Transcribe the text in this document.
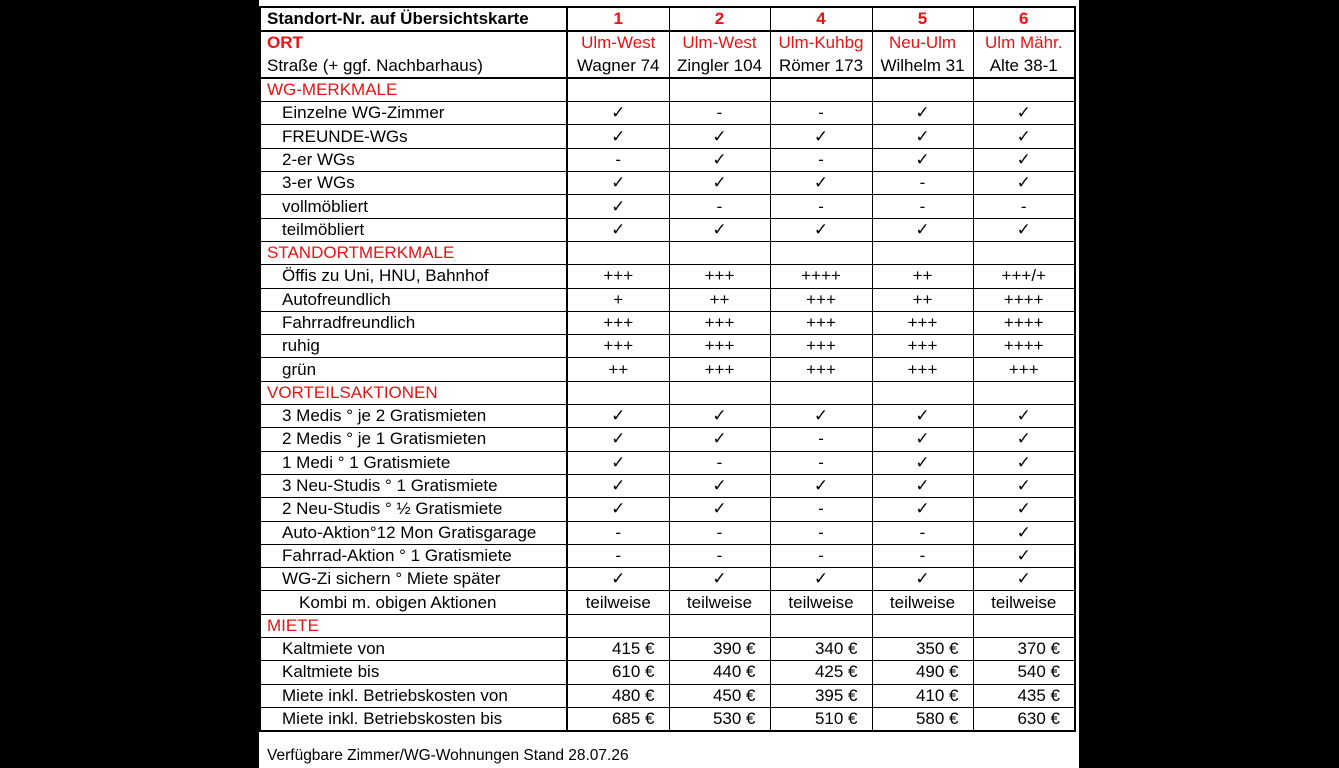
Standort-Nr. auf Übersichtskarte	1	2	4	5	6
ORT	Ulm-West	Ulm-West	Ulm-Kuhbg	Neu-Ulm	Ulm Mähr.
Straße (+ ggf. Nachbarhaus)	Wagner 74	Zingler 104	Römer 173	Wilhelm 31	Alte 38-1
WG-MERKMALE					
Einzelne WG-Zimmer	✓	-	-	✓	✓
FREUNDE-WGs	✓	✓	✓	✓	✓
2-er WGs	-	✓	-	✓	✓
3-er WGs	✓	✓	✓	-	✓
vollmöbliert	✓	-	-	-	-
teilmöbliert	✓	✓	✓	✓	✓
STANDORTMERKMALE					
Öffis zu Uni, HNU, Bahnhof	+++	+++	++++	++	+++/+
Autofreundlich	+	++	+++	++	++++
Fahrradfreundlich	+++	+++	+++	+++	++++
ruhig	+++	+++	+++	+++	++++
grün	++	+++	+++	+++	+++
VORTEILSAKTIONEN					
3 Medis ° je 2 Gratismieten	✓	✓	✓	✓	✓
2 Medis ° je 1 Gratismieten	✓	✓	-	✓	✓
1 Medi ° 1 Gratismiete	✓	-	-	✓	✓
3 Neu-Studis ° 1 Gratismiete	✓	✓	✓	✓	✓
2 Neu-Studis ° ½ Gratismiete	✓	✓	-	✓	✓
Auto-Aktion°12 Mon Gratisgarage	-	-	-	-	✓
Fahrrad-Aktion ° 1 Gratismiete	-	-	-	-	✓
WG-Zi sichern ° Miete später	✓	✓	✓	✓	✓
Kombi m. obigen Aktionen	teilweise	teilweise	teilweise	teilweise	teilweise
MIETE					
Kaltmiete von	415 €	390 €	340 €	350 €	370 €
Kaltmiete bis	610 €	440 €	425 €	490 €	540 €
Miete inkl. Betriebskosten von	480 €	450 €	395 €	410 €	435 €
Miete inkl. Betriebskosten bis	685 €	530 €	510 €	580 €	630 €
Verfügbare Zimmer/WG-Wohnungen Stand 28.07.26
